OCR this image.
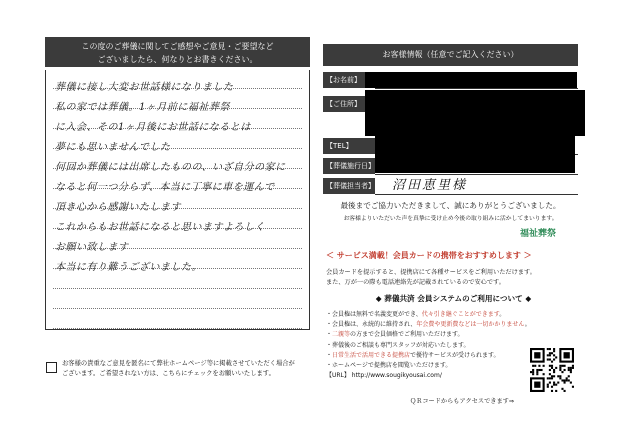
この度のご葬儀に関してご感想やご意見・ご要望など
ございましたら、何なりとお書きください。
お客様の貴重なご意見を匿名にて弊社ホームページ等に掲載させていただく場合が
ございます。ご希望されない方は、こちらにチェックをお願いいたします。
お客様情報（任意でご記入ください）
【お名前】
【ご住所】
【TEL】
【葬儀施行日】
【葬儀担当者】 沼田恵里様
最後までご協力いただきまして、誠にありがとうございました。
お客様よりいただいた声を真摯に受け止め今後の取り組みに活かしてまいります。
福祉葬祭
＜ サービス満載！会員カードの携帯をおすすめします ＞
会員カードを提示すると、提携店にて各種サービスをご利用いただけます。
また、万が一の際も電話連絡先が記載されているので安心です。
◆ 葬儀共済 会員システムのご利用について ◆
・会員権は無料で名義変更ができ、代々引き継ぐことができます。
・会員権は、永続的に維持され、年会費や更新費などは一切かかりません。
・二親等の方まで会員価格でご利用いただけます。
・葬儀後のご相談も専門スタッフが対応いたします。
・日常生活で活用できる提携店で優待サービスが受けられます。
・ホームページで提携店を閲覧いただけます。
【URL】 http://www.sougikyousai.com/
ＱＲコードからもアクセスできます⇒
葬儀に接し大変お世話様になりました
私の家では葬儀。1ヶ月前に福祉葬祭
に入会、その1ヶ月後にお世話になるとは
夢にも思いませんでした
何回か葬儀には出席したものの、いざ自分の家に
なると何一つ分らず、本当に丁寧に車を運んで
頂き心から感謝いたします
これからもお世話になると思いますよろしく
お願い致します
本当に有り難うございました。
